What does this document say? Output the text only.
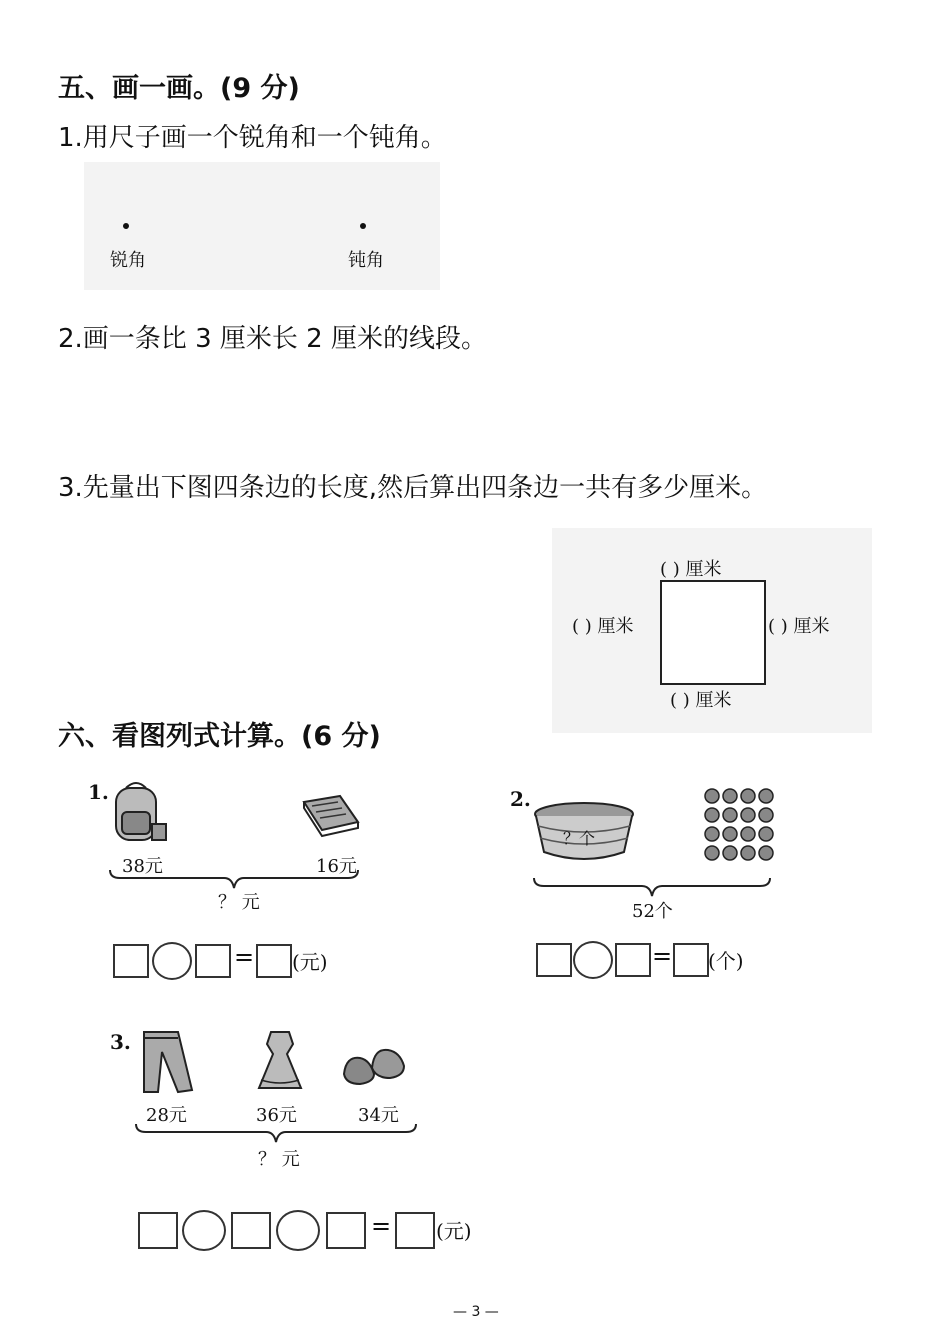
五、画一画。(9 分)
1.用尺子画一个锐角和一个钝角。
锐角	钝角
2.画一条比 3 厘米长 2 厘米的线段。
3.先量出下图四条边的长度,然后算出四条边一共有多少厘米。
( ) 厘米
( ) 厘米	( ) 厘米
( ) 厘米
六、看图列式计算。(6 分)
1.
38元	16元
？ 元
= (元)
2.
？个
52个
= (个)
3.
28元	36元	34元
？ 元
= (元)
— 3 —
